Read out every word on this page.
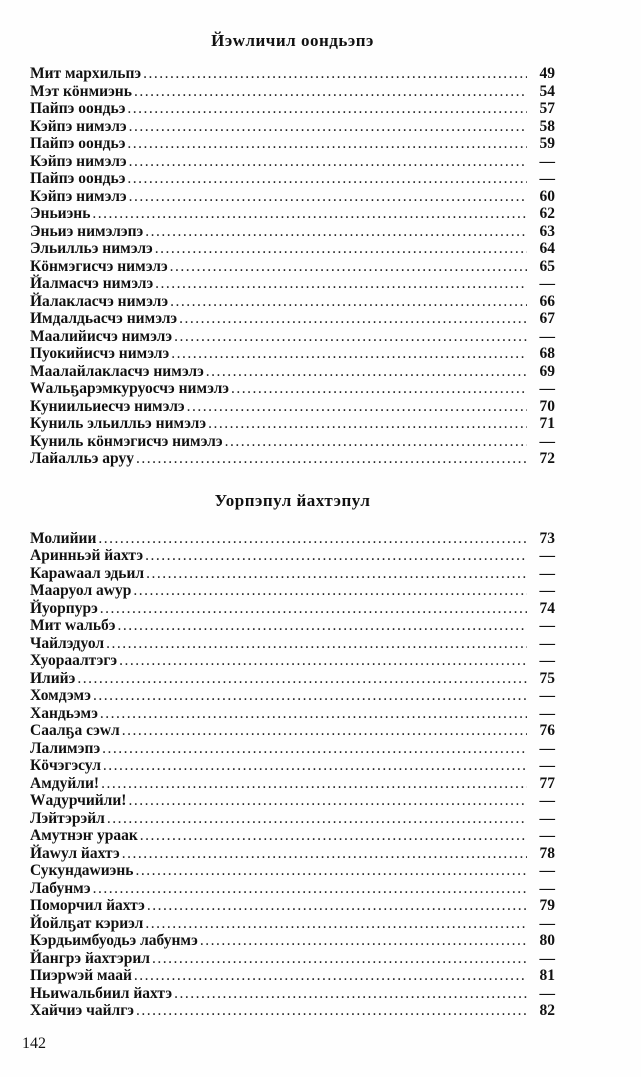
Йэwличил оондьэпэ
Мит мархильпэ .....	49
Мэт кöнмиэнь .....	54
Пайпэ оондьэ .....	57
Кэйпэ нимэлэ .....	58
Пайпэ оондьэ .....	59
Кэйпэ нимэлэ .....	—
Пайпэ оондьэ .....	—
Кэйпэ нимэлэ .....	60
Эньиэнь .....	62
Эньиэ нимэлэпэ .....	63
Эльилльэ нимэлэ .....	64
Кöнмэгисчэ нимэлэ .....	65
Йалмасчэ нимэлэ .....	—
Йалакласчэ нимэлэ .....	66
Имдалдьасчэ нимэлэ .....	67
Маалийисчэ нимэлэ .....	—
Пуокийисчэ нимэлэ .....	68
Маалайлакласчэ нимэлэ .....	69
Wальҕарэмкуруосчэ нимэлэ .....	—
Куниильиесчэ нимэлэ .....	70
Куниль эльилльэ нимэлэ .....	71
Куниль кöнмэгисчэ нимэлэ .....	—
Лайалльэ аруу .....	72
Уорпэпул йахтэпул
Молийии .....	73
Аринньэй йахтэ .....	—
Караwаал эдьил .....	—
Мааруол аwур .....	—
Йуорпурэ .....	74
Мит wальбэ .....	—
Чайлэдуол .....	—
Хуораалтэгэ .....	—
Илийэ .....	75
Хомдэмэ .....	—
Хандьэмэ .....	—
Саалҕа сэwл .....	76
Лалимэпэ .....	—
Кöчэгэсул .....	—
Амдуйли! .....	77
Wадурчийли! .....	—
Лэйтэрэйл .....	—
Амутнэҥ ураак .....	—
Йаwул йахтэ .....	78
Сукундаwиэнь .....	—
Лабунмэ .....	—
Поморчил йахтэ .....	79
Йойлҕат кэриэл .....	—
Кэрдьимбуодьэ лабунмэ .....	80
Йангрэ йахтэрил .....	—
Пиэрwэй маай .....	81
Ньиwальбиил йахтэ .....	—
Хайчиэ чайлгэ .....	82
142
